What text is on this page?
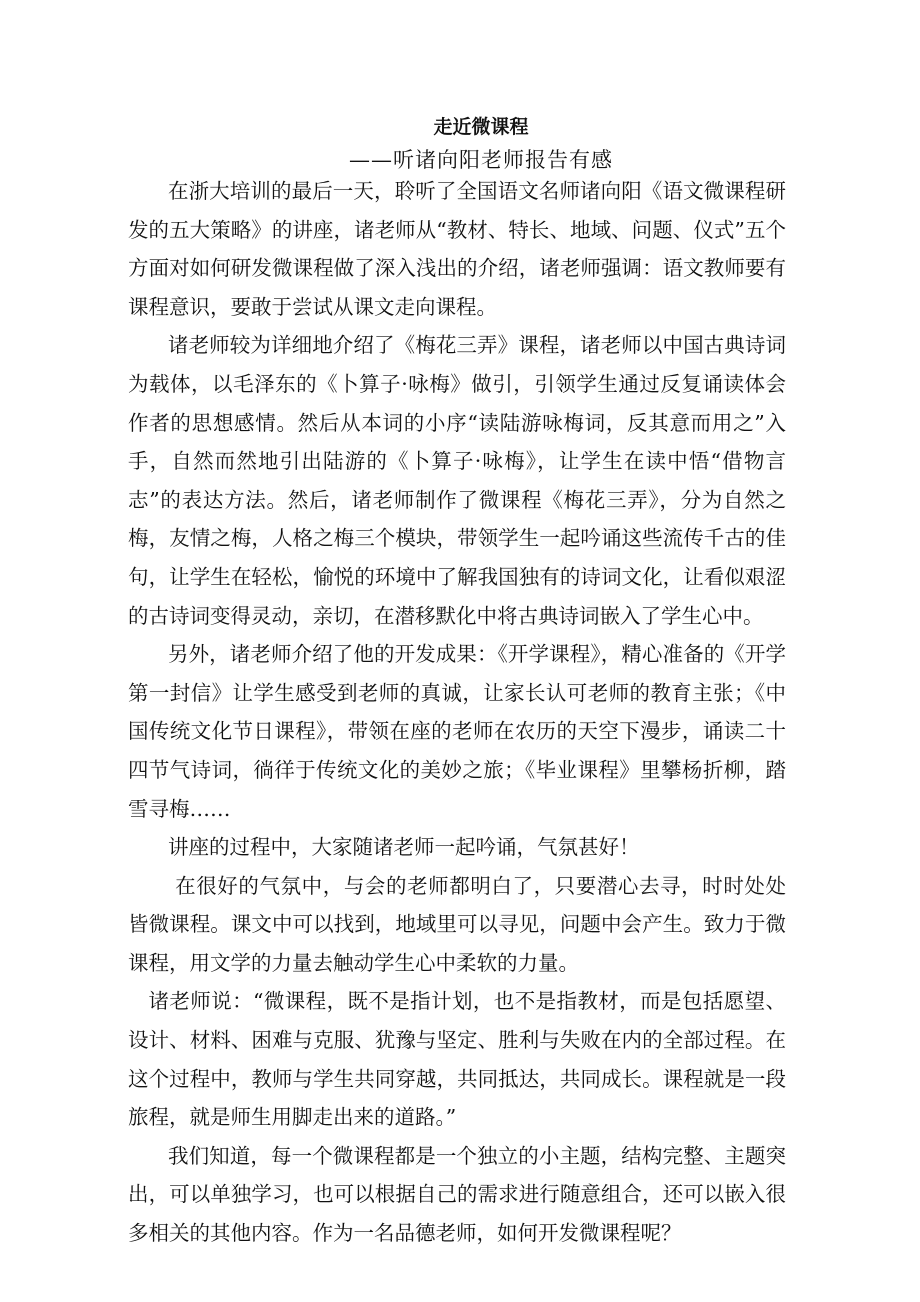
走近微课程
——听诸向阳老师报告有感

在浙大培训的最后一天，聆听了全国语文名师诸向阳《语文微课程研发的五大策略》的讲座，诸老师从“教材、特长、地域、问题、仪式”五个方面对如何研发微课程做了深入浅出的介绍，诸老师强调：语文教师要有课程意识，要敢于尝试从课文走向课程。

诸老师较为详细地介绍了《梅花三弄》课程，诸老师以中国古典诗词为载体，以毛泽东的《卜算子·咏梅》做引，引领学生通过反复诵读体会作者的思想感情。然后从本词的小序“读陆游咏梅词，反其意而用之”入手，自然而然地引出陆游的《卜算子·咏梅》，让学生在读中悟“借物言志”的表达方法。然后，诸老师制作了微课程《梅花三弄》，分为自然之梅，友情之梅，人格之梅三个模块，带领学生一起吟诵这些流传千古的佳句，让学生在轻松，愉悦的环境中了解我国独有的诗词文化，让看似艰涩的古诗词变得灵动，亲切，在潜移默化中将古典诗词嵌入了学生心中。

另外，诸老师介绍了他的开发成果：《开学课程》，精心准备的《开学第一封信》让学生感受到老师的真诚，让家长认可老师的教育主张；《中国传统文化节日课程》，带领在座的老师在农历的天空下漫步，诵读二十四节气诗词，徜徉于传统文化的美妙之旅；《毕业课程》里攀杨折柳，踏雪寻梅……

讲座的过程中，大家随诸老师一起吟诵，气氛甚好！

在很好的气氛中，与会的老师都明白了，只要潜心去寻，时时处处皆微课程。课文中可以找到，地域里可以寻见，问题中会产生。致力于微课程，用文学的力量去触动学生心中柔软的力量。

诸老师说：“微课程，既不是指计划，也不是指教材，而是包括愿望、设计、材料、困难与克服、犹豫与坚定、胜利与失败在内的全部过程。在这个过程中，教师与学生共同穿越，共同抵达，共同成长。课程就是一段旅程，就是师生用脚走出来的道路。”

我们知道，每一个微课程都是一个独立的小主题，结构完整、主题突出，可以单独学习，也可以根据自己的需求进行随意组合，还可以嵌入很多相关的其他内容。作为一名品德老师，如何开发微课程呢？
